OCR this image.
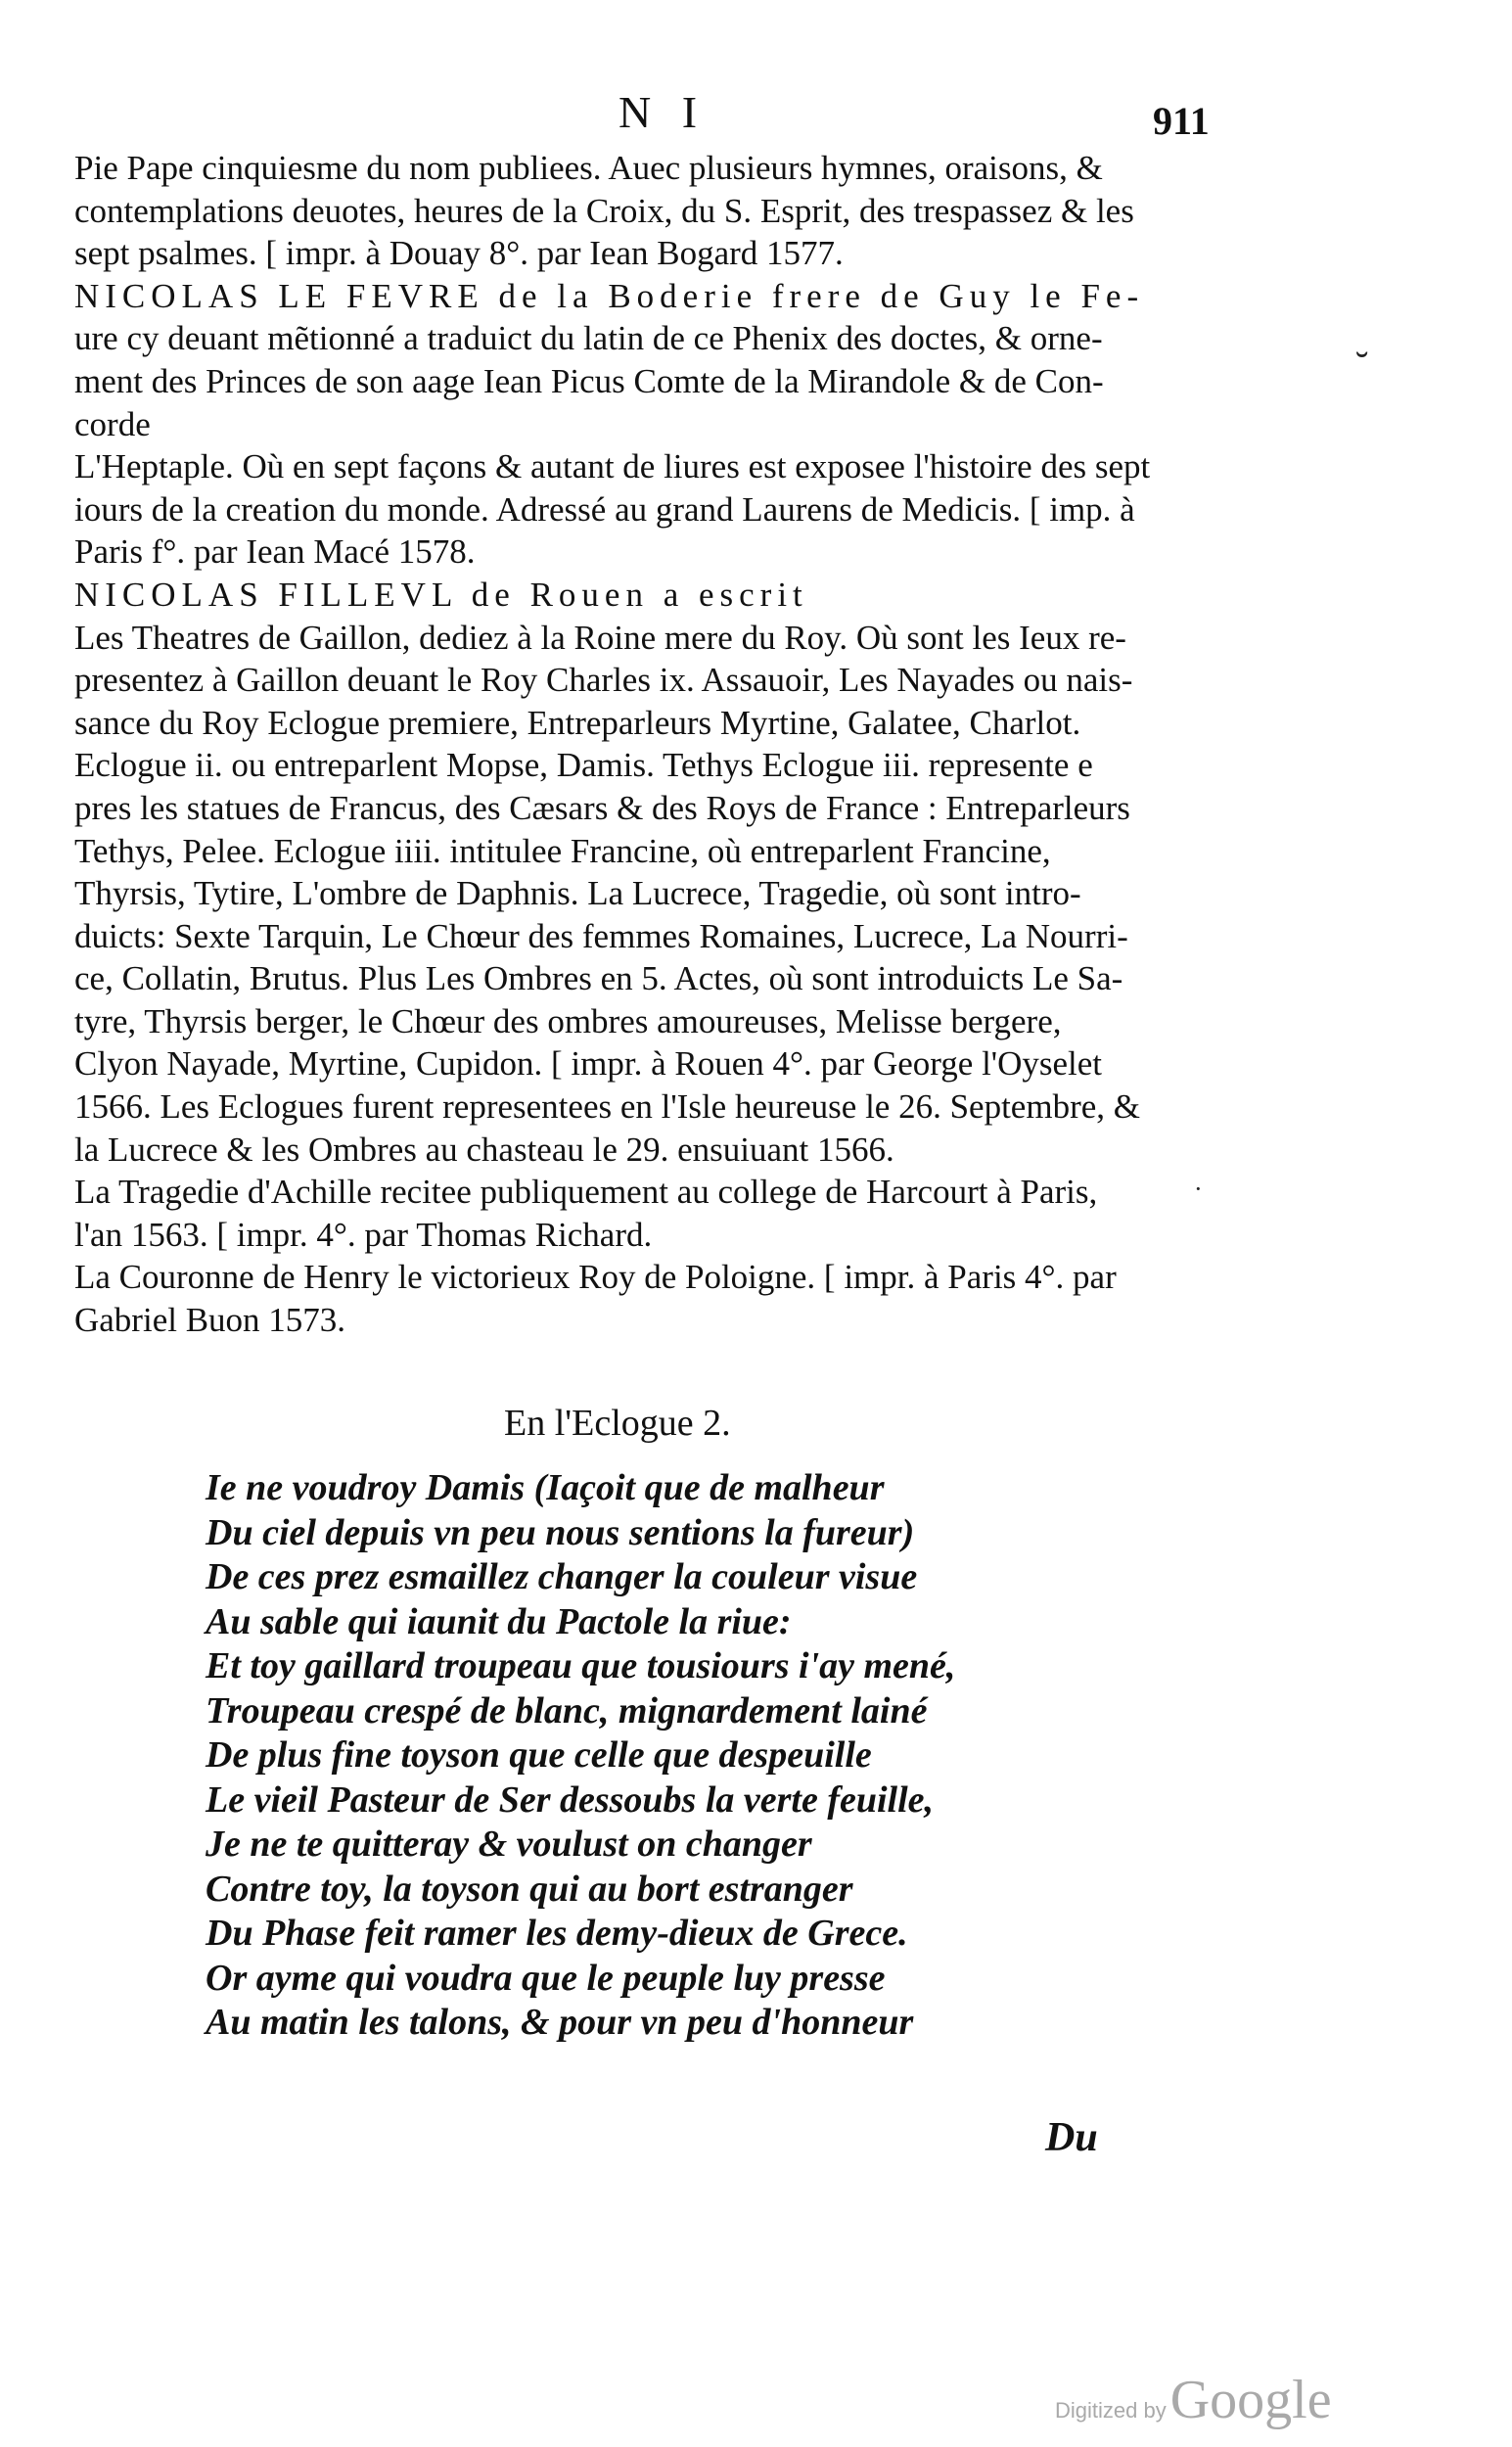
N I	911
Pie Pape cinquiesme du nom publiees. Auec plusieurs hymnes, oraisons, &
contemplations deuotes, heures de la Croix, du S. Esprit, des trespassez & les
sept psalmes. [ impr. à Douay 8°. par Iean Bogard 1577.
NICOLAS LE FEVRE de la Boderie frere de Guy le Fe-
ure cy deuant mẽtionné a traduict du latin de ce Phenix des doctes, & orne-
ment des Princes de son aage Iean Picus Comte de la Mirandole & de Con-
corde
L'Heptaple. Où en sept façons & autant de liures est exposee l'histoire des sept
iours de la creation du monde. Adressé au grand Laurens de Medicis. [ imp. à
Paris f°. par Iean Macé 1578.
NICOLAS FILLEVL de Rouen a escrit
Les Theatres de Gaillon, dediez à la Roine mere du Roy. Où sont les Ieux re-
presentez à Gaillon deuant le Roy Charles ix. Assauoir, Les Nayades ou nais-
sance du Roy Eclogue premiere, Entreparleurs Myrtine, Galatee, Charlot.
Eclogue ii. ou entreparlent Mopse, Damis. Tethys Eclogue iii. represente e
pres les statues de Francus, des Cæsars & des Roys de France : Entreparleurs
Tethys, Pelee. Eclogue iiii. intitulee Francine, où entreparlent Francine,
Thyrsis, Tytire, L'ombre de Daphnis. La Lucrece, Tragedie, où sont intro-
duicts: Sexte Tarquin, Le Chœur des femmes Romaines, Lucrece, La Nourri-
ce, Collatin, Brutus. Plus Les Ombres en 5. Actes, où sont introduicts Le Sa-
tyre, Thyrsis berger, le Chœur des ombres amoureuses, Melisse bergere,
Clyon Nayade, Myrtine, Cupidon. [ impr. à Rouen 4°. par George l'Oyselet
1566. Les Eclogues furent representees en l'Isle heureuse le 26. Septembre, &
la Lucrece & les Ombres au chasteau le 29. ensuiuant 1566.
La Tragedie d'Achille recitee publiquement au college de Harcourt à Paris,
l'an 1563. [ impr. 4°. par Thomas Richard.
La Couronne de Henry le victorieux Roy de Poloigne. [ impr. à Paris 4°. par
Gabriel Buon 1573.
En l'Eclogue 2.
Ie ne voudroy Damis (Iaçoit que de malheur
Du ciel depuis vn peu nous sentions la fureur)
De ces prez esmaillez changer la couleur visue
Au sable qui iaunit du Pactole la riue:
Et toy gaillard troupeau que tousiours i'ay mené,
Troupeau crespé de blanc, mignardement lainé
De plus fine toyson que celle que despeuille
Le vieil Pasteur de Ser dessoubs la verte feuille,
Je ne te quitteray & voulust on changer
Contre toy, la toyson qui au bort estranger
Du Phase feit ramer les demy-dieux de Grece.
Or ayme qui voudra que le peuple luy presse
Au matin les talons, & pour vn peu d'honneur
Du
˘
·
Digitized by Google
